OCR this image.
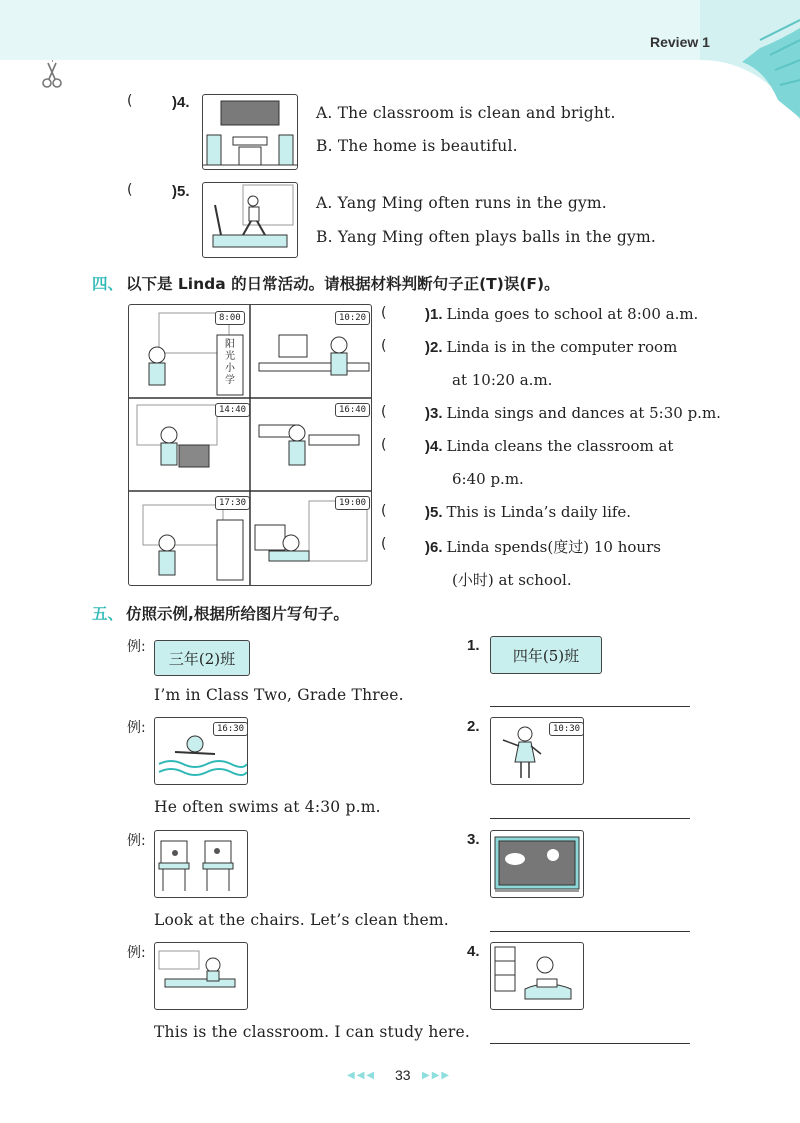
Review 1
(	)4.
A. The classroom is clean and bright.
B. The home is beautiful.
(	)5.
A. Yang Ming often runs in the gym.
B. Yang Ming often plays balls in the gym.
四、 以下是 Linda 的日常活动。请根据材料判断句子正(T)误(F)。
8:00	10:20
14:40	16:40
17:30	19:00
阳
光
小
学
(	)1. Linda goes to school at 8:00 a.m.
(	)2. Linda is in the computer room
at 10:20 a.m.
(	)3. Linda sings and dances at 5:30 p.m.
(	)4. Linda cleans the classroom at
6:40 p.m.
(	)5. This is Linda’s daily life.
(	)6. Linda spends(度过) 10 hours
(小时) at school.
五、 仿照示例,根据所给图片写句子。
例:
三年(2)班
I’m in Class Two, Grade Three.
1.
四年(5)班
例:	16:30
He often swims at 4:30 p.m.
2.	10:30
例:
Look at the chairs. Let’s clean them.
3.
例:
This is the classroom. I can study here.
4.
◀◀◀ 33 ▶▶▶
